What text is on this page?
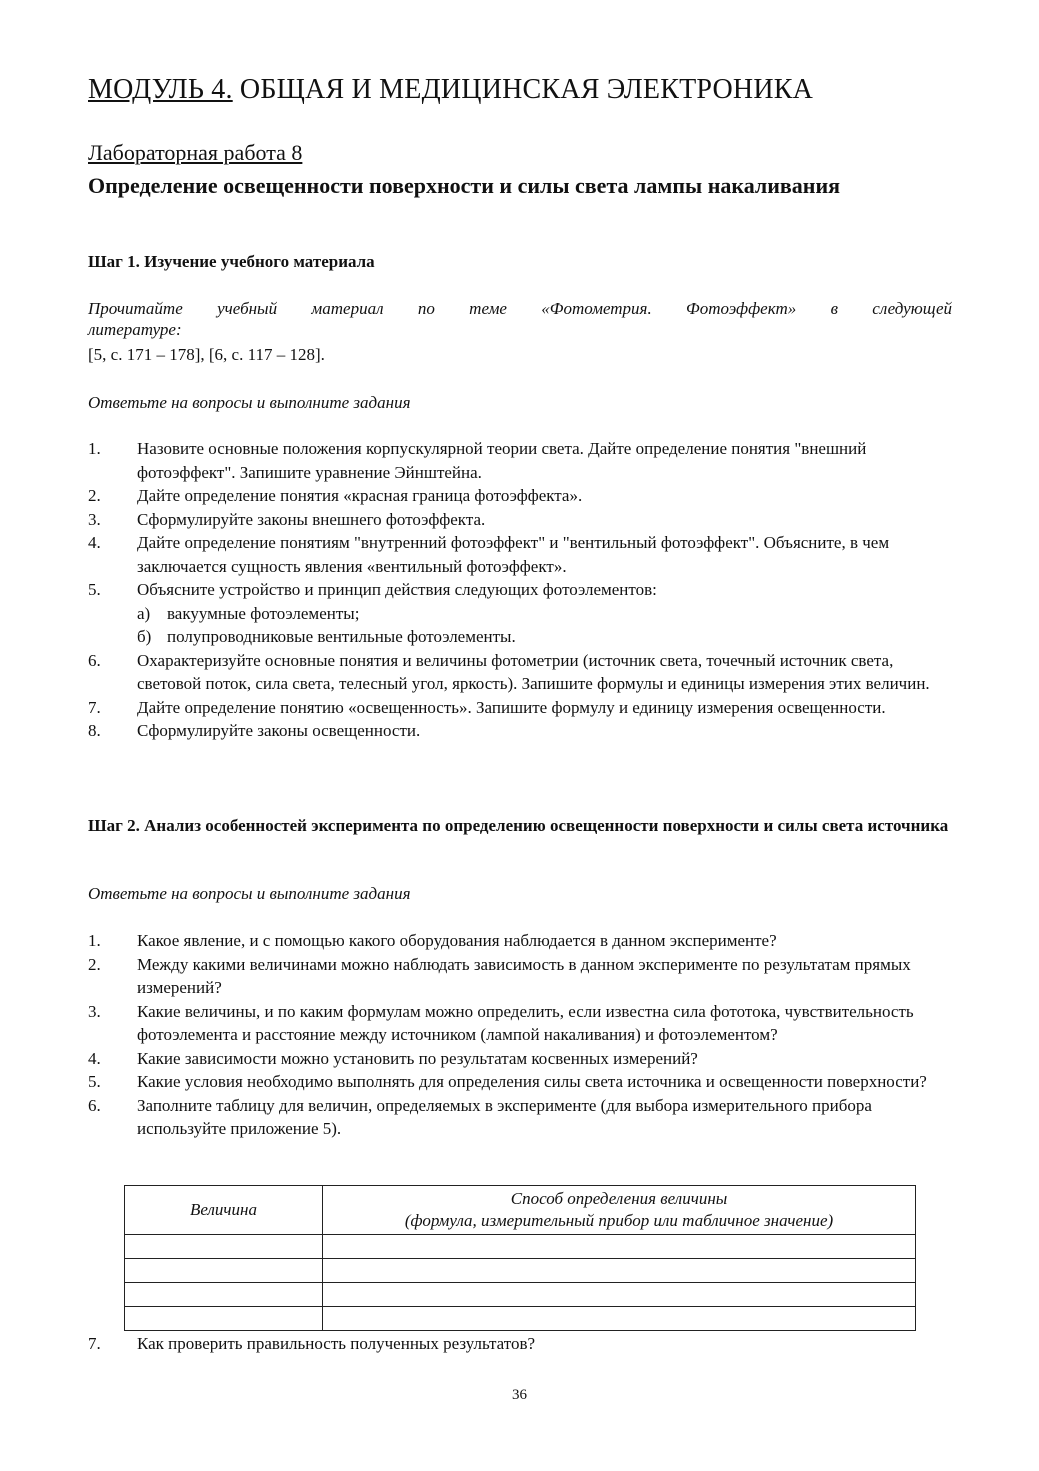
МОДУЛЬ 4. ОБЩАЯ И МЕДИЦИНСКАЯ ЭЛЕКТРОНИКА
Лабораторная работа 8
Определение освещенности поверхности и силы света лампы накаливания
Шаг 1. Изучение учебного материала
Прочитайте учебный материал по теме «Фотометрия. Фотоэффект» в следующей
литературе:
[5, с. 171 – 178], [6, с. 117 – 128].
Ответьте на вопросы и выполните задания
1. Назовите основные положения корпускулярной теории света. Дайте определение понятия "внешний фотоэффект". Запишите уравнение Эйнштейна.
2. Дайте определение понятия «красная граница фотоэффекта».
3. Сформулируйте законы внешнего фотоэффекта.
4. Дайте определение понятиям "внутренний фотоэффект" и "вентильный фотоэффект". Объясните, в чем заключается сущность явления «вентильный фотоэффект».
5. Объясните устройство и принцип действия следующих фотоэлементов:
а) вакуумные фотоэлементы;
б) полупроводниковые вентильные фотоэлементы.
6. Охарактеризуйте основные понятия и величины фотометрии (источник света, точечный источник света, световой поток, сила света, телесный угол, яркость). Запишите формулы и единицы измерения этих величин.
7. Дайте определение понятию «освещенность». Запишите формулу и единицу измерения освещенности.
8. Сформулируйте законы освещенности.
Шаг 2. Анализ особенностей эксперимента по определению освещенности поверхности и силы света источника
Ответьте на вопросы и выполните задания
1. Какое явление, и с помощью какого оборудования наблюдается в данном эксперименте?
2. Между какими величинами можно наблюдать зависимость в данном эксперименте по результатам прямых измерений?
3. Какие величины, и по каким формулам можно определить, если известна сила фототока, чувствительность фотоэлемента и расстояние между источником (лампой накаливания) и фотоэлементом?
4. Какие зависимости можно установить по результатам косвенных измерений?
5. Какие условия необходимо выполнять для определения силы света источника и освещенности поверхности?
6. Заполните таблицу для величин, определяемых в эксперименте (для выбора измерительного прибора используйте приложение 5).
Величина	Способ определения величины
(формула, измерительный прибор или табличное значение)

7. Как проверить правильность полученных результатов?
36
